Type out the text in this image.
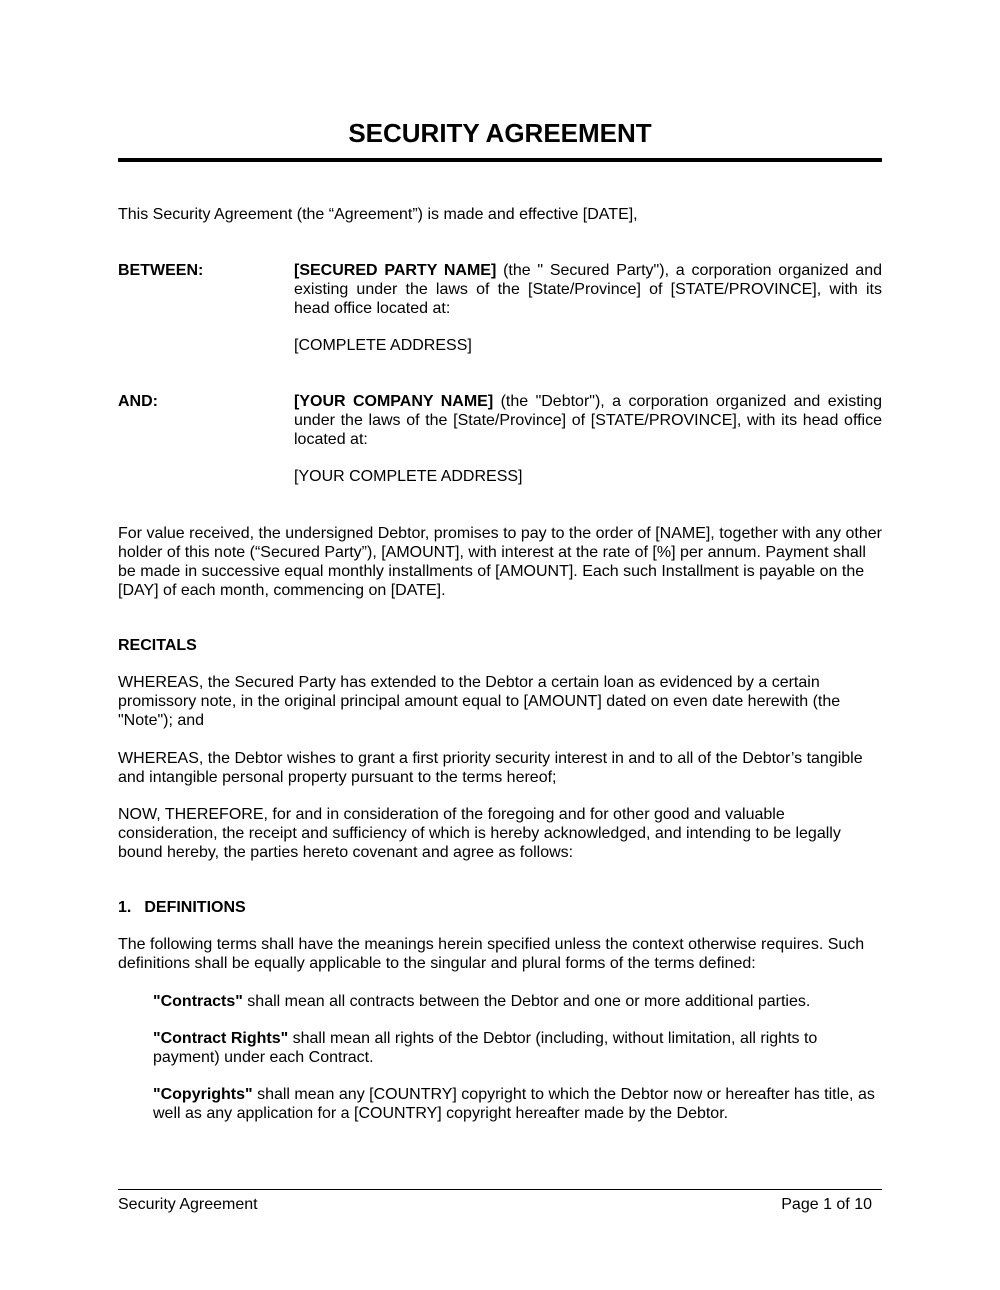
SECURITY AGREEMENT

This Security Agreement (the “Agreement”) is made and effective [DATE],

BETWEEN:	[SECURED PARTY NAME] (the " Secured Party"), a corporation organized and existing under the laws of the [State/Province] of [STATE/PROVINCE], with its head office located at:

[COMPLETE ADDRESS]

AND:	[YOUR COMPANY NAME] (the "Debtor"), a corporation organized and existing under the laws of the [State/Province] of [STATE/PROVINCE], with its head office located at:

[YOUR COMPLETE ADDRESS]

For value received, the undersigned Debtor, promises to pay to the order of [NAME], together with any other holder of this note (“Secured Party”), [AMOUNT], with interest at the rate of [%] per annum. Payment shall be made in successive equal monthly installments of [AMOUNT]. Each such Installment is payable on the [DAY] of each month, commencing on [DATE].

RECITALS

WHEREAS, the Secured Party has extended to the Debtor a certain loan as evidenced by a certain promissory note, in the original principal amount equal to [AMOUNT] dated on even date herewith (the "Note"); and

WHEREAS, the Debtor wishes to grant a first priority security interest in and to all of the Debtor’s tangible and intangible personal property pursuant to the terms hereof;

NOW, THEREFORE, for and in consideration of the foregoing and for other good and valuable consideration, the receipt and sufficiency of which is hereby acknowledged, and intending to be legally bound hereby, the parties hereto covenant and agree as follows:

1. DEFINITIONS

The following terms shall have the meanings herein specified unless the context otherwise requires. Such definitions shall be equally applicable to the singular and plural forms of the terms defined:

"Contracts" shall mean all contracts between the Debtor and one or more additional parties.

"Contract Rights" shall mean all rights of the Debtor (including, without limitation, all rights to payment) under each Contract.

"Copyrights" shall mean any [COUNTRY] copyright to which the Debtor now or hereafter has title, as well as any application for a [COUNTRY] copyright hereafter made by the Debtor.

Security Agreement	Page 1 of 10
